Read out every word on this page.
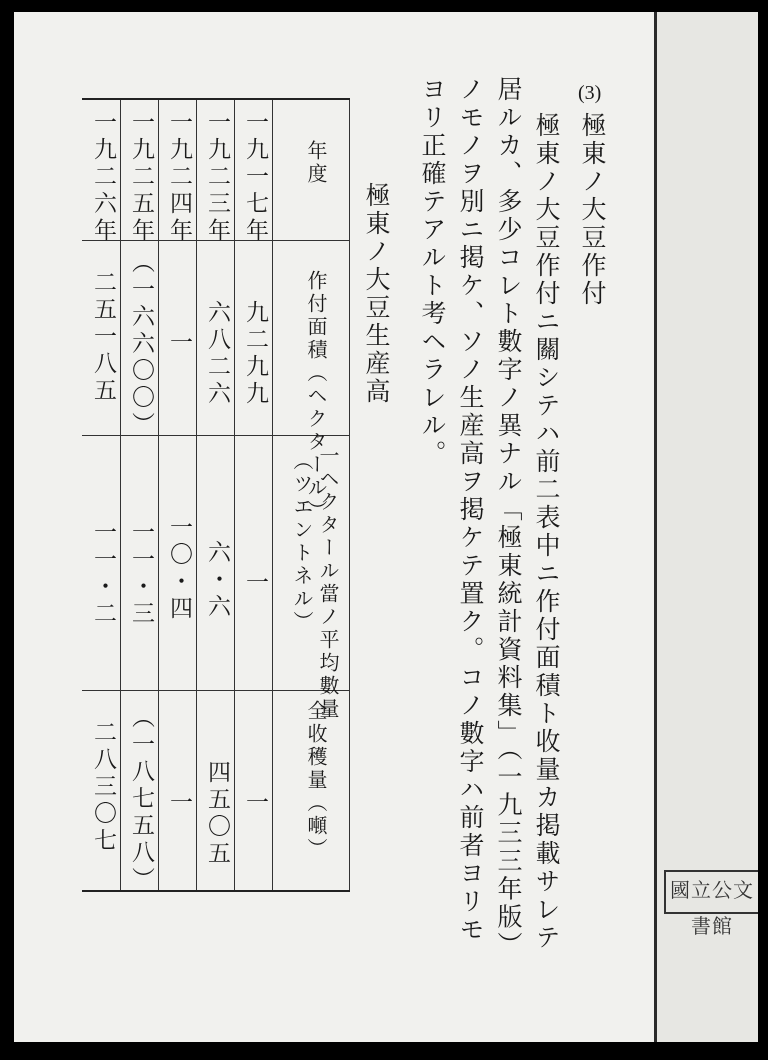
(3)
極東ノ大豆作付
極東ノ大豆作付ニ關シテハ前二表中ニ作付面積ト收量カ掲載サレテ
居ルカ、多少コレト數字ノ異ナル「極東統計資料集」（一九三三年版）
ノモノヲ別ニ掲ケ、ソノ生産高ヲ掲ケテ置ク。コノ數字ハ前者ヨリモ
ヨリ正確テアルト考ヘラレル。
極東ノ大豆生産高
年度
作付面積（ヘクタール）
一ヘクタール當ノ平均數量
（ツエントネル）
全收穫量（噸）
一九一七年
九二九九
一
一
一九二三年
六八二六
六・六
四五〇五
一九二四年
一
一〇・四
一
一九二五年
（一六六〇〇）
一一・三
（一八七五八）
一九二六年
二五一八五
一一・二
二八三〇七
國立公文書館
